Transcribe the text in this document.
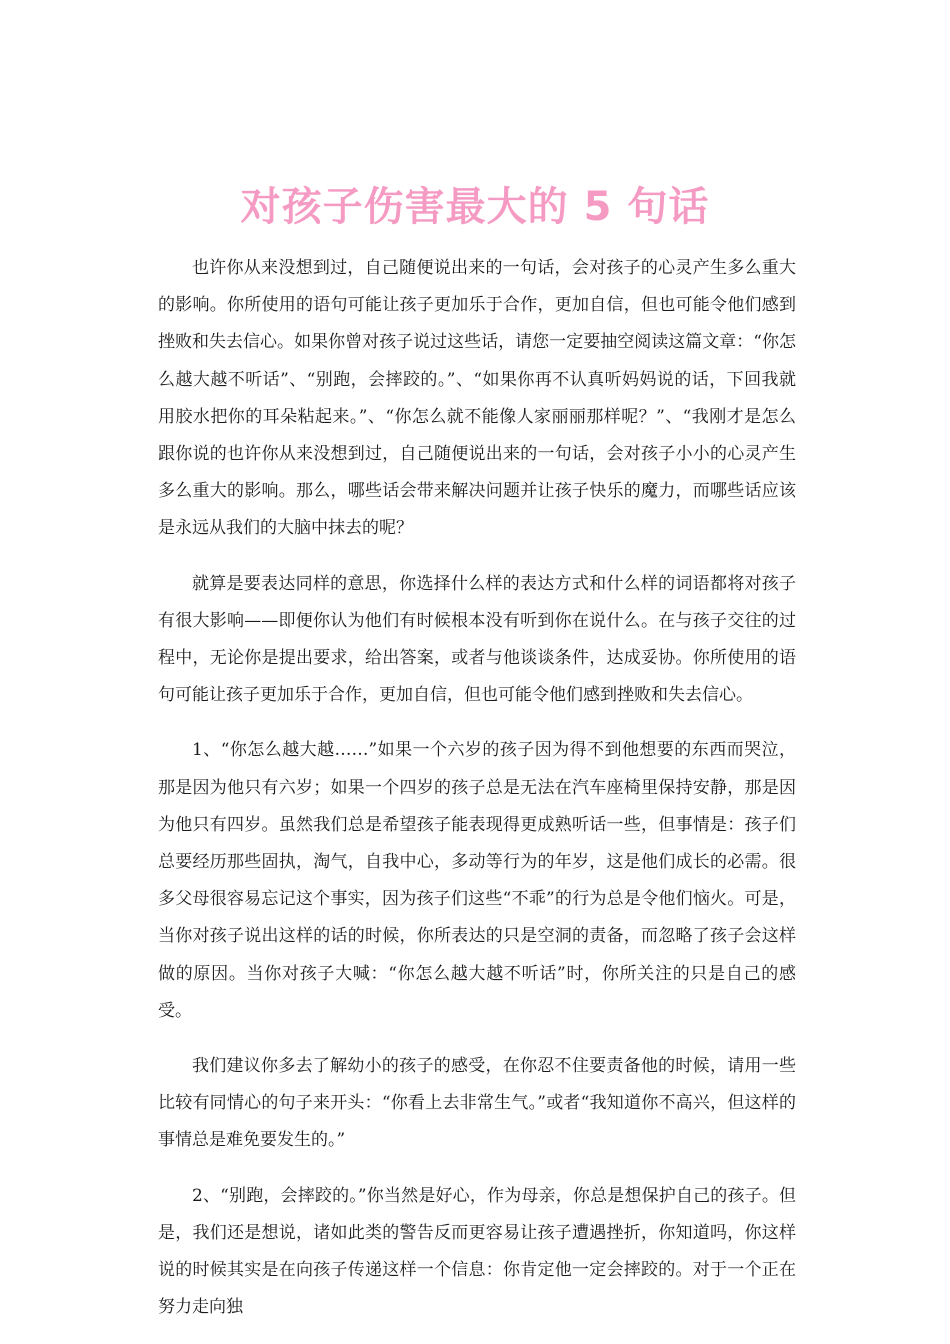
对孩子伤害最大的 5 句话

也许你从来没想到过，自己随便说出来的一句话，会对孩子的心灵产生多么重大的影响。你所使用的语句可能让孩子更加乐于合作，更加自信，但也可能令他们感到挫败和失去信心。如果你曾对孩子说过这些话，请您一定要抽空阅读这篇文章：“你怎么越大越不听话”、“别跑，会摔跤的。”、“如果你再不认真听妈妈说的话，下回我就用胶水把你的耳朵粘起来。”、“你怎么就不能像人家丽丽那样呢？”、“我刚才是怎么跟你说的也许你从来没想到过，自己随便说出来的一句话，会对孩子小小的心灵产生多么重大的影响。那么，哪些话会带来解决问题并让孩子快乐的魔力，而哪些话应该是永远从我们的大脑中抹去的呢？

就算是要表达同样的意思，你选择什么样的表达方式和什么样的词语都将对孩子有很大影响——即便你认为他们有时候根本没有听到你在说什么。在与孩子交往的过程中，无论你是提出要求，给出答案，或者与他谈谈条件，达成妥协。你所使用的语句可能让孩子更加乐于合作，更加自信，但也可能令他们感到挫败和失去信心。

1、“你怎么越大越……”如果一个六岁的孩子因为得不到他想要的东西而哭泣，那是因为他只有六岁；如果一个四岁的孩子总是无法在汽车座椅里保持安静，那是因为他只有四岁。虽然我们总是希望孩子能表现得更成熟听话一些，但事情是：孩子们总要经历那些固执，淘气，自我中心，多动等行为的年岁，这是他们成长的必需。很多父母很容易忘记这个事实，因为孩子们这些“不乖”的行为总是令他们恼火。可是，当你对孩子说出这样的话的时候，你所表达的只是空洞的责备，而忽略了孩子会这样做的原因。当你对孩子大喊：“你怎么越大越不听话”时，你所关注的只是自己的感受。

我们建议你多去了解幼小的孩子的感受，在你忍不住要责备他的时候，请用一些比较有同情心的句子来开头：“你看上去非常生气。”或者“我知道你不高兴，但这样的事情总是难免要发生的。”

2、“别跑，会摔跤的。”你当然是好心，作为母亲，你总是想保护自己的孩子。但是，我们还是想说，诸如此类的警告反而更容易让孩子遭遇挫折，你知道吗，你这样说的时候其实是在向孩子传递这样一个信息：你肯定他一定会摔跤的。对于一个正在努力走向独
